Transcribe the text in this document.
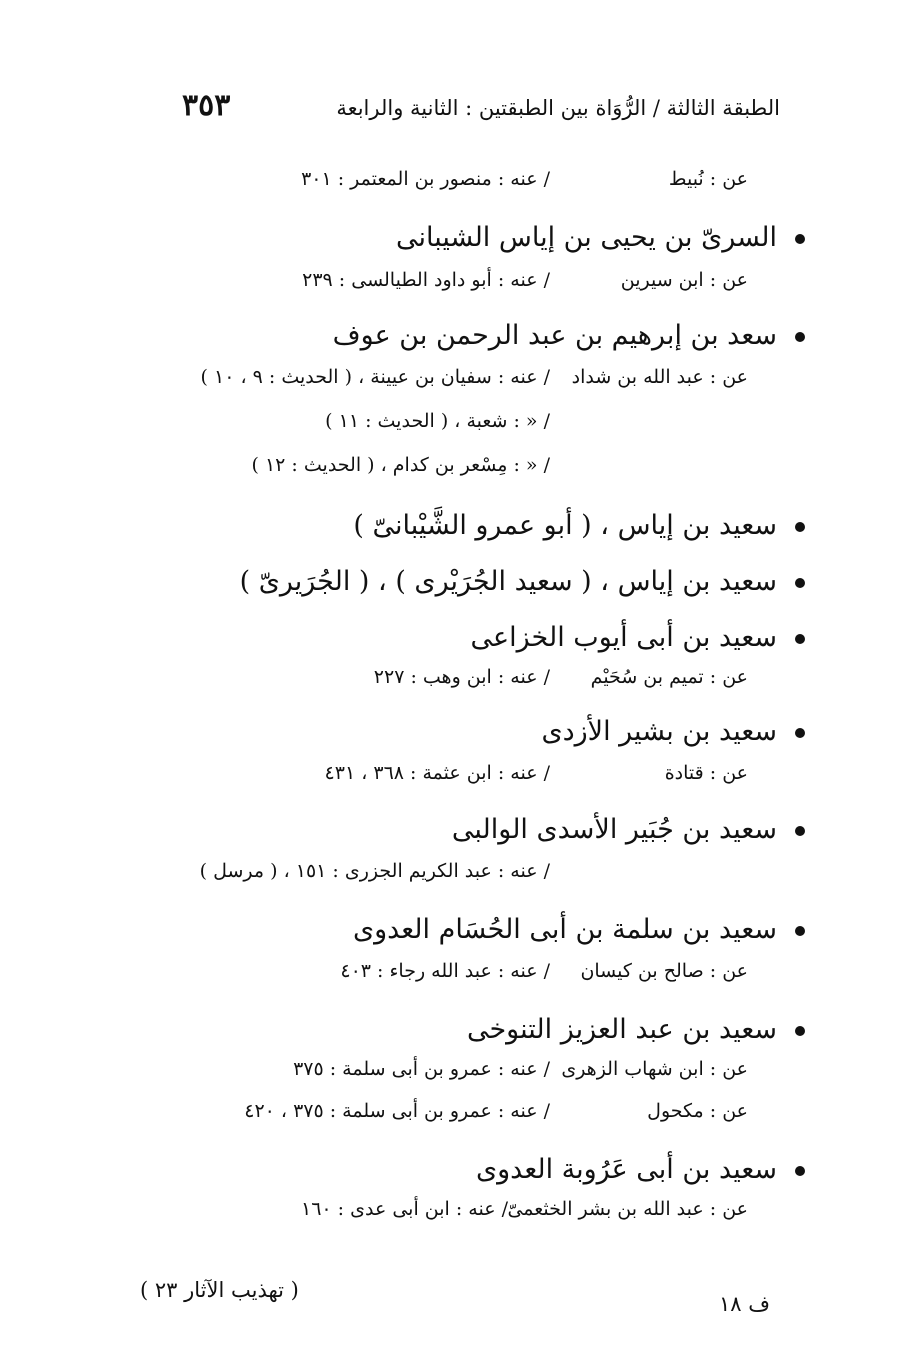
٣٥٣	الطبقة الثالثة / الرُّوَاة بين الطبقتين : الثانية والرابعة
عن : نُبيط
/ عنه : منصور بن المعتمر : ٣٠١
السرىّ بن يحيى بن إياس الشيبانى
عن : ابن سيرين
/ عنه : أبو داود الطيالسى : ٢٣٩
سعد بن إبرهيم بن عبد الرحمن بن عوف
عن : عبد الله بن شداد
/ عنه : سفيان بن عيينة ، ( الحديث : ٩ ، ١٠ )
/ « : شعبة ، ( الحديث : ١١ )
/ « : مِسْعر بن كدام ، ( الحديث : ١٢ )
سعيد بن إياس ، ( أبو عمرو الشَّيْبانىّ )
سعيد بن إياس ، ( سعيد الجُرَيْرى ) ، ( الجُرَيرىّ )
سعيد بن أبى أيوب الخزاعى
عن : تميم بن سُحَيْم
/ عنه : ابن وهب : ٢٢٧
سعيد بن بشير الأزدى
عن : قتادة
/ عنه : ابن عثمة : ٣٦٨ ، ٤٣١
سعيد بن جُبَير الأسدى الوالبى
/ عنه : عبد الكريم الجزرى : ١٥١ ، ( مرسل )
سعيد بن سلمة بن أبى الحُسَام العدوى
عن : صالح بن كيسان
/ عنه : عبد الله رجاء : ٤٠٣
سعيد بن عبد العزيز التنوخى
عن : ابن شهاب الزهرى
/ عنه : عمرو بن أبى سلمة : ٣٧٥
عن : مكحول
/ عنه : عمرو بن أبى سلمة : ٣٧٥ ، ٤٢٠
سعيد بن أبى عَرُوبة العدوى
عن : عبد الله بن بشر الخثعمىّ
/ عنه : ابن أبى عدى : ١٦٠
( تهذيب الآثار ٢٣ )
ف ١٨
